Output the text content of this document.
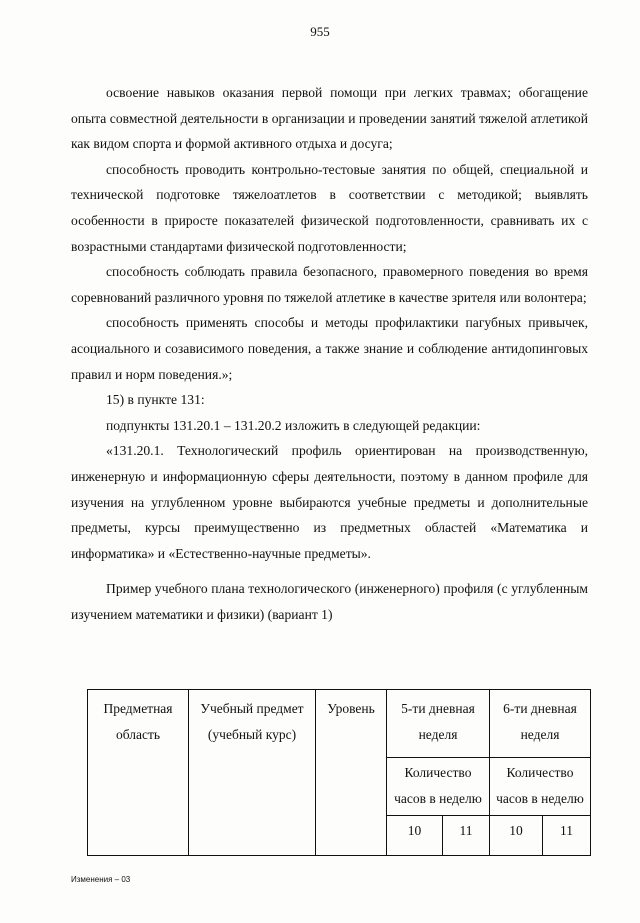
955

освоение навыков оказания первой помощи при легких травмах; обогащение опыта совместной деятельности в организации и проведении занятий тяжелой атлетикой как видом спорта и формой активного отдыха и досуга;

способность проводить контрольно-тестовые занятия по общей, специальной и технической подготовке тяжелоатлетов в соответствии с методикой; выявлять особенности в приросте показателей физической подготовленности, сравнивать их с возрастными стандартами физической подготовленности;

способность соблюдать правила безопасного, правомерного поведения во время соревнований различного уровня по тяжелой атлетике в качестве зрителя или волонтера;

способность применять способы и методы профилактики пагубных привычек, асоциального и созависимого поведения, а также знание и соблюдение антидопинговых правил и норм поведения.»;

15) в пункте 131:

подпункты 131.20.1 – 131.20.2 изложить в следующей редакции:

«131.20.1. Технологический профиль ориентирован на производственную, инженерную и информационную сферы деятельности, поэтому в данном профиле для изучения на углубленном уровне выбираются учебные предметы и дополнительные предметы, курсы преимущественно из предметных областей «Математика и информатика» и «Естественно-научные предметы».

Пример учебного плана технологического (инженерного) профиля (с углубленным изучением математики и физики) (вариант 1)

Предметная область	Учебный предмет (учебный курс)	Уровень	5-ти дневная неделя		6-ти дневная неделя	
			Количество часов в неделю		Количество часов в неделю	
			10	11	10	11
Изменения – 03
